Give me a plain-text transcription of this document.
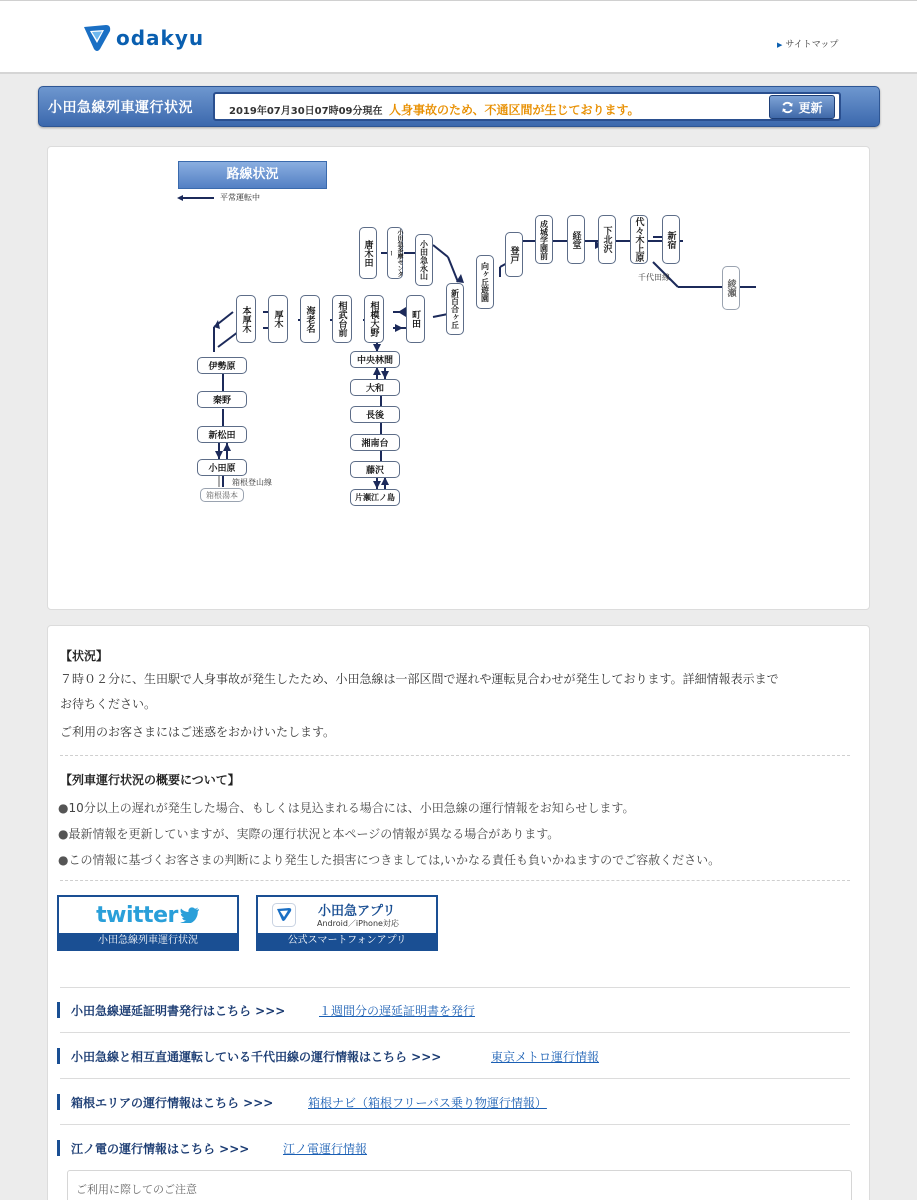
odakyu	▶ サイトマップ
小田急線列車運行状況	2019年07月30日07時09分現在 人身事故のため、不通区間が生じております。	更新
路線状況
平常運転中
新宿
代々木上原
下北沢
経堂
成城学園前
登戸
向ヶ丘遊園
新百合ヶ丘
小田急永山
小田急多摩センター
唐木田
町田
相模大野
相武台前
海老名
厚木
本厚木
綾瀬
伊勢原
秦野
新松田
小田原
箱根湯本
中央林間
大和
長後
湘南台
藤沢
片瀬江ノ島
千代田線
箱根登山線
【状況】
７時０２分に、生田駅で人身事故が発生したため、小田急線は一部区間で遅れや運転見合わせが発生しております。詳細情報表示まで
お待ちください。
ご利用のお客さまにはご迷惑をおかけいたします。
【列車運行状況の概要について】
●10分以上の遅れが発生した場合、もしくは見込まれる場合には、小田急線の運行情報をお知らせします。
●最新情報を更新していますが、実際の運行状況と本ページの情報が異なる場合があります。
●この情報に基づくお客さまの判断により発生した損害につきましては,いかなる責任も負いかねますのでご容赦ください。
twitter
小田急線列車運行状況
小田急アプリ
Android／iPhone対応
公式スマートフォンアプリ
小田急線遅延証明書発行はこちら >>>	１週間分の遅延証明書を発行
小田急線と相互直通運転している千代田線の運行情報はこちら >>>	東京メトロ運行情報
箱根エリアの運行情報はこちら >>>	箱根ナビ（箱根フリーパス乗り物運行情報）
江ノ電の運行情報はこちら >>>	江ノ電運行情報
ご利用に際してのご注意
